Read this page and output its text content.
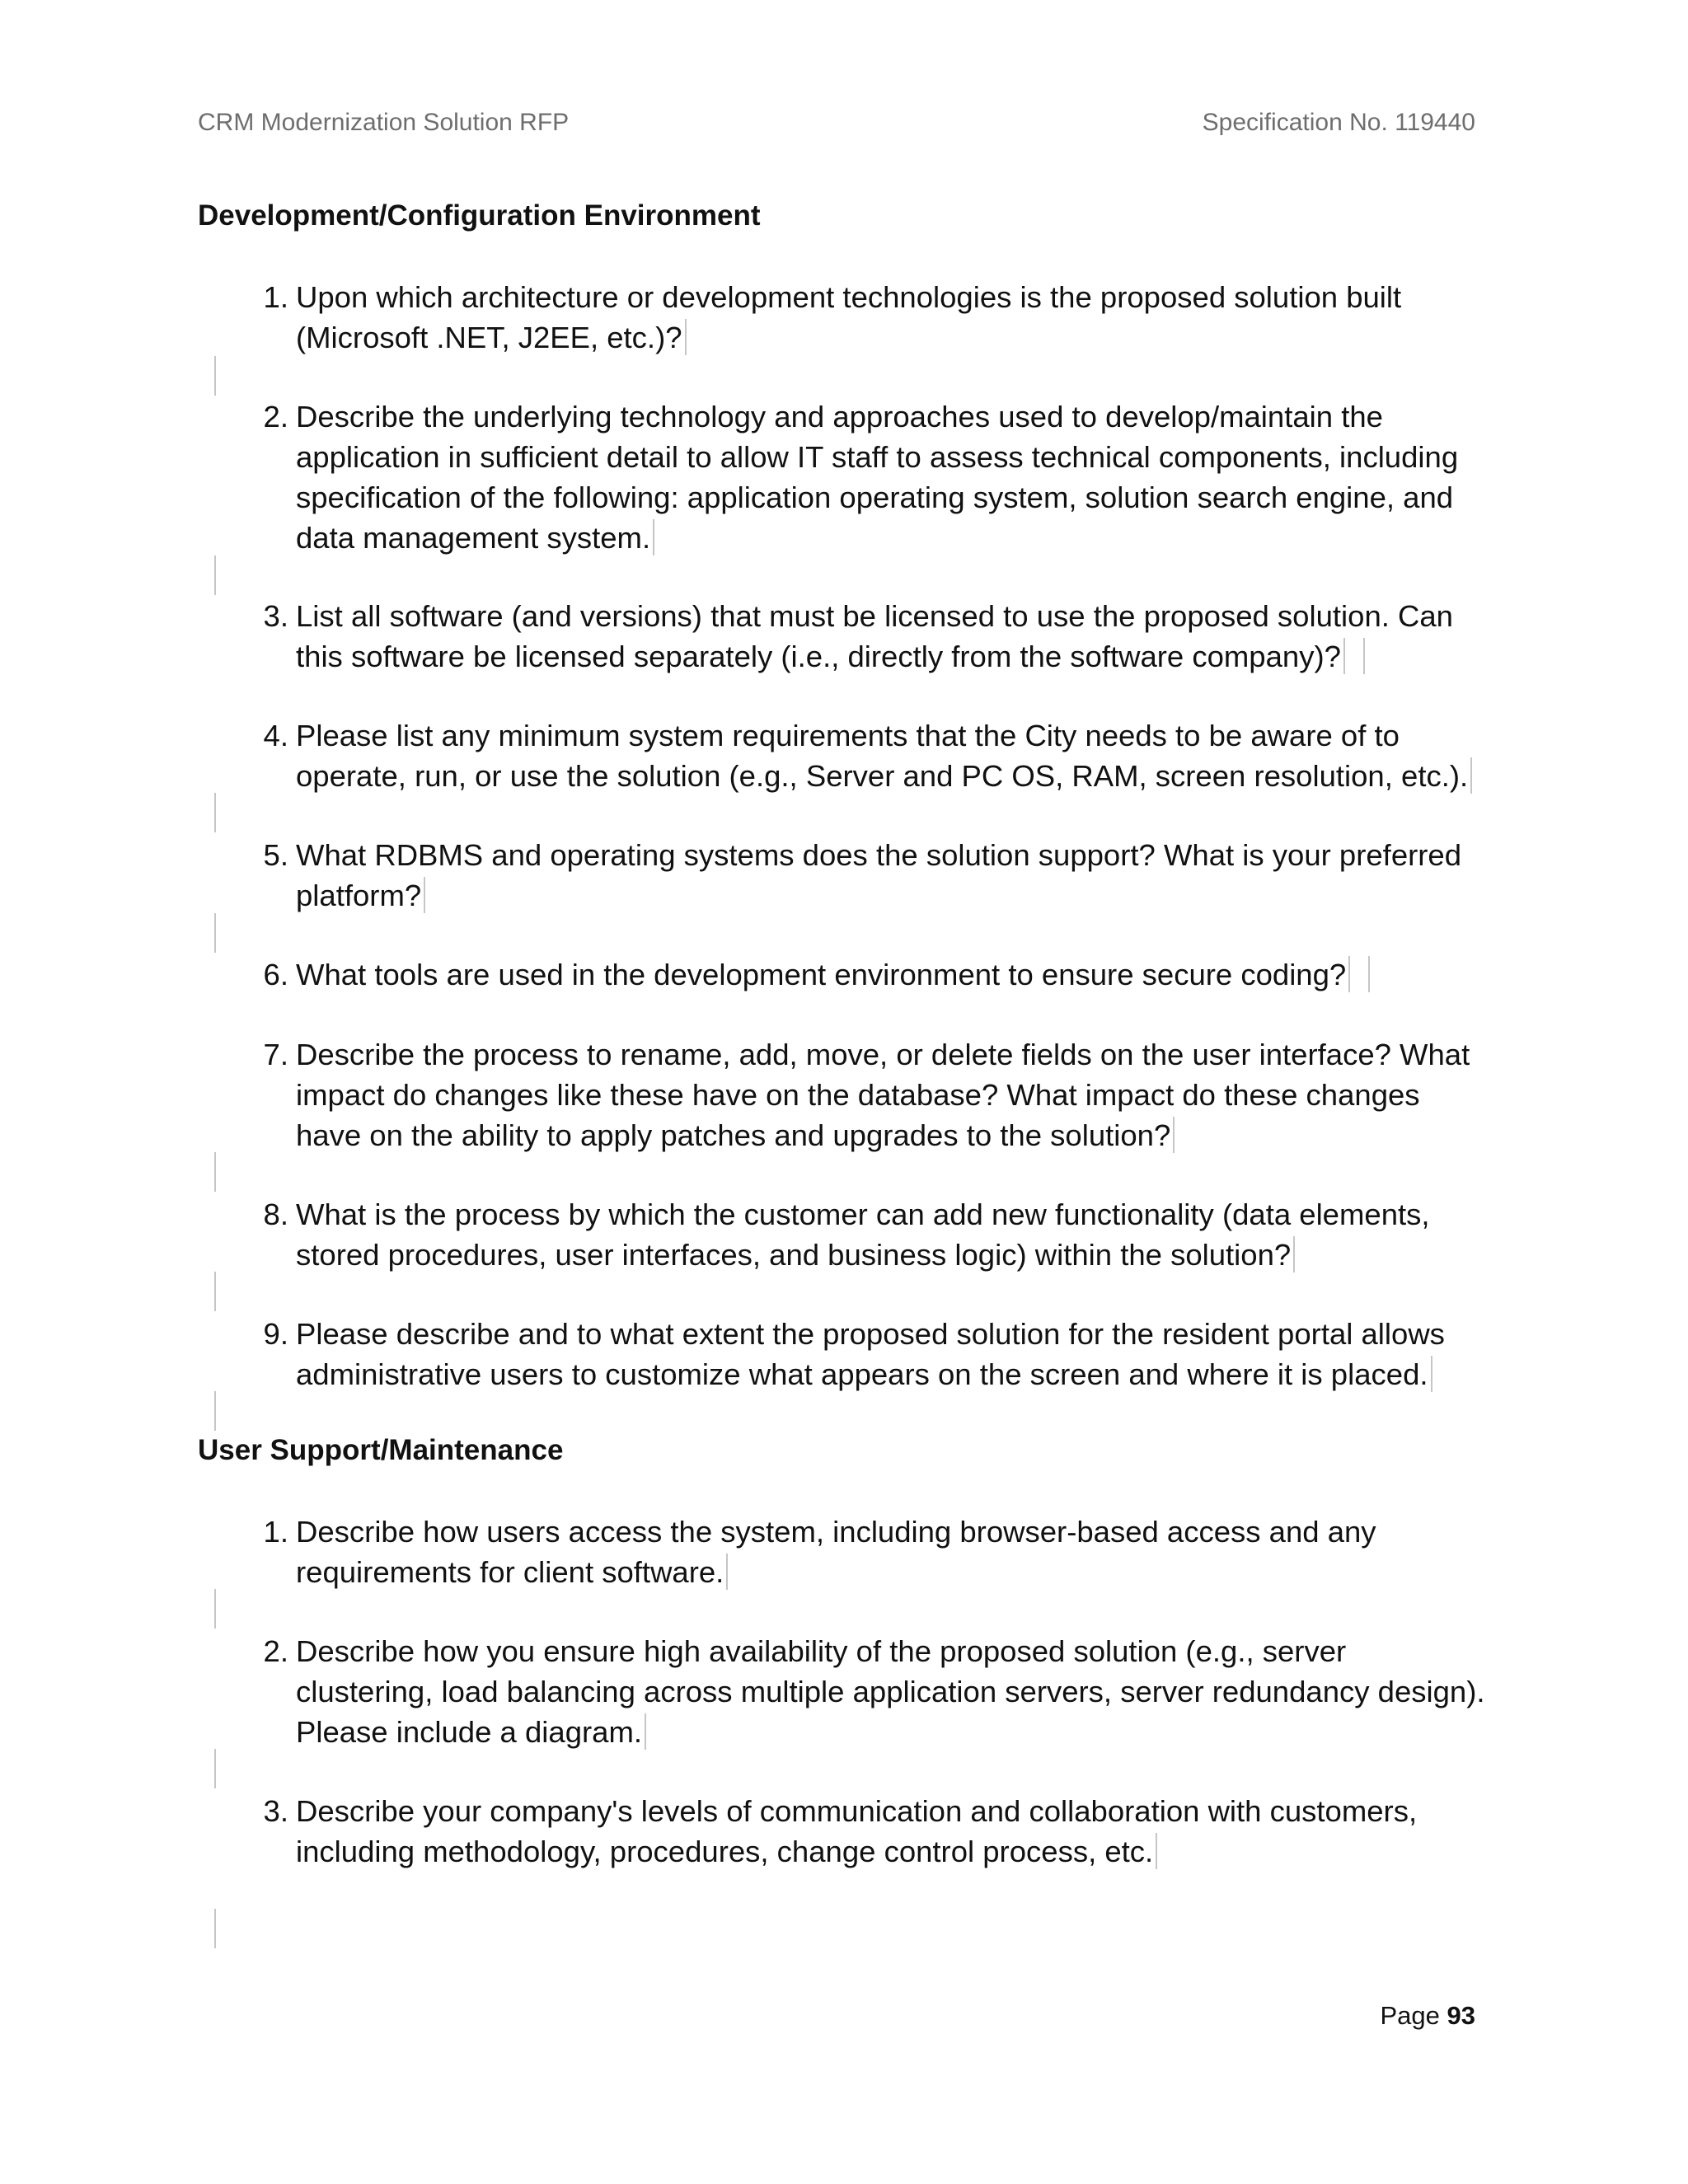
CRM Modernization Solution RFP	Specification No. 119440
Development/Configuration Environment
1. Upon which architecture or development technologies is the proposed solution built (Microsoft .NET, J2EE, etc.)?
2. Describe the underlying technology and approaches used to develop/maintain the application in sufficient detail to allow IT staff to assess technical components, including specification of the following: application operating system, solution search engine, and data management system.
3. List all software (and versions) that must be licensed to use the proposed solution. Can this software be licensed separately (i.e., directly from the software company)?
4. Please list any minimum system requirements that the City needs to be aware of to operate, run, or use the solution (e.g., Server and PC OS, RAM, screen resolution, etc.).
5. What RDBMS and operating systems does the solution support? What is your preferred platform?
6. What tools are used in the development environment to ensure secure coding?
7. Describe the process to rename, add, move, or delete fields on the user interface? What impact do changes like these have on the database? What impact do these changes have on the ability to apply patches and upgrades to the solution?
8. What is the process by which the customer can add new functionality (data elements, stored procedures, user interfaces, and business logic) within the solution?
9. Please describe and to what extent the proposed solution for the resident portal allows administrative users to customize what appears on the screen and where it is placed.
User Support/Maintenance
1. Describe how users access the system, including browser-based access and any requirements for client software.
2. Describe how you ensure high availability of the proposed solution (e.g., server clustering, load balancing across multiple application servers, server redundancy design). Please include a diagram.
3. Describe your company's levels of communication and collaboration with customers, including methodology, procedures, change control process, etc.
Page 93
